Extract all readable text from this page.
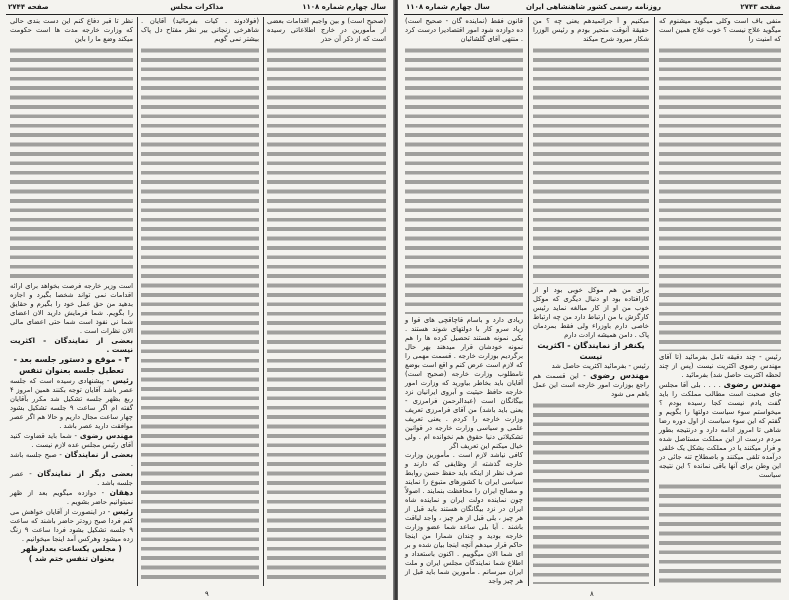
سال چهارم شماره ۱۱۰۸
مذاکرات مجلس
صفحه ۲۷۴۴
(صحیح است) و بین واجبم اقدامات بعضی از مأمورین در خارج اطلاعاتی رسیده است که از ذکر آن حذر
(فولادوند . کیات بفرمائید) آقایان . شاهرخی زنجانی بیر نظر مفتاح دل پاک بیشتر نمی گویم
نظر تا قبر دفاع کنم این دست بندی حالی که وزارت خارجه مدت ها است حکومت میکند وضع ما را باین

است وزیر خارجه فرصت بخواهد برای ارائه اقدامات نمی تواند شخصا بگیرد و اجازه بدهید من حق عمل خود را بگیرم و حقایق را بگویم. شما فرمایش دارید الان اعضای شما نی نفوذ است شما حتی اعضای مالی الان نظرات است .

بعضی از نمایندگان - اکثریت نیست .

۳ - موقع و دستور جلسه بعد - تعطیل جلسه بعنوان تنفس

رئیس - پیشنهادی رسیده است که جلسه عصر باشد آقایان توجه بکنند همین امروز ۴ ربع بظهر جلسه تشکیل شد مکرر بآقایان گفته ام اگر ساعت ۹ جلسه تشکیل بشود چهار ساعت مجال داریم و حالا هم اگر عصر موافقت دارید عصر باشد .
مهندس رضوی - شما باید قضاوت کنید آقای رئیس مجلس عده لازم نیست .
بعضی از نمایندگان - صبح جلسه باشد .
بعضی دیگر از نمایندگان - عصر جلسه باشد .
دهقان - دوازده میگویم بعد از ظهر نمیتوانیم حاضر بشویم .
رئیس - در اینصورت از آقایان خواهش می کنم فردا صبح زودتر حاضر باشند که ساعت ۹ جلسه تشکیل بشود فردا ساعت ۹ زنگ زده میشود وهرکس آمد اینجا میخوانیم .

( مجلس یکساعت بعدازظهر بعنوان تنفس ختم شد )

۹
سال چهارم شماره ۱۱۰۸	روزنامه رسمی کشور شاهنشاهی ایران	صفحه ۲۷۴۳
منفی باف است وکلی میگوید میشنوم که میگوید علاج نیست ؟ خوب علاج همین است که امنیت را

رئیس - چند دقیقه تامل بفرمائید (تا آقای مهندس رضوی اکثریت نیست (پس از چند لحظه اکثریت حاصل شد) بفرمائید .

مهندس رضوی . . . . بلی آقا مجلس جای صحبت است مطالب مملکت را باید گفت یادم نیست کجا رسیده بودم ؟ میخواستم سوء سیاست دولتها را بگویم و گفتم که این سوء سیاست از اول دوره رضا شاهی تا امروز ادامه دارد و درنتیجه بطور مردم درست از این مملکت مستاصل شده و فرار میکنند یا در مملکت بشکل یک خلقی درآمده تلقی میکنند و باصطلاح تنه جائی در این وطن برای آنها باقی نمانده ؟ این نتیجه سیاست

میکنیم و آ جراتمیدهم یعنی چه ؟ من حقیقة آنوقت متحیر بودم و رئیس الوزرا شکار میرود شرح میکند

برای من هم موکل خوبی بود او از کارافتاده بود او دنبال دیگری که موکل خوب من او از کار مبالغه نماید رئیس کارگزش با من ارتباط دارد من چه ارتباط خاصی دارم باوزراء ولی فقط بمردمان پاک . دامن همیشه ارادت دارم

یکنفر از نمایندگان - اکثریت نیست

رئیس - بفرمائید اکثریت حاصل شد

مهندس رضوی - این قسمت هم راجع بوزارت امور خارجه است این عمل باهم می شود

قانون فقط (نماینده گان - صحیح است) ده دوازده شود امور اقتصادیرا درست کرد . منتهی آقای گلشائیان

زیادی دارد و باسام قاچاقچی های قوا و زیاد سرو کار با دولتهای شوند هستند . یکی نمونه هستند تحصیل کرده ها را هم نمونه خودشان قرار میدهند بهر حال برگردیم بوزارت خارجه . قسمت مهمی را که لازم است عرض کنم و اقع است بوضع نامطلوب وزارت خارجه (صحیح است) آقایان باید بخاطر بیاورید که وزارت امور خارجه حافظ حیثیت و آبروی ایرانیان نزد بیگانگان است (عبدالرحمن فرامرزی - یعنی باید باشد) من آقای فرامرزی تعریف وزارت خارجه را کردم . یعنی تعریف علمی و سیاسی وزارت خارجه در قوانین تشکیلاتی دنیا حقوق هم نخوانده ام . ولی خیال میکنم این تعریف اگر

کافی نیاشد لازم است . مأمورین وزارت خارجه گذشته از وظایفی که دارند و صرف نظر از اینکه باید حفظ حسن روابط سیاسی ایران با کشورهای متبوع را نمایند و مصالح ایران را محافظت بنمایند . اصولاً چون نماینده دولت ایران و نماینده شاه ایران در نزد بیگانگان هستند باید قبل از هر چیز ، یلی قبل از هر چیز ، واجد لیاقت باشند . آیا بلی ساعد شما عضو وزارت خارجه بودید و چندان شمارا من اینجا حاکم قرار میدهم آنچه اینجا بیان شده و بر ای شما الان میگوییم . اکنون باستعداد و اطلاع شما نمایندگان مجلس ایران و ملت ایران میرسانم . مأمورین شما باید قبل از هر چیز واجد

۸
